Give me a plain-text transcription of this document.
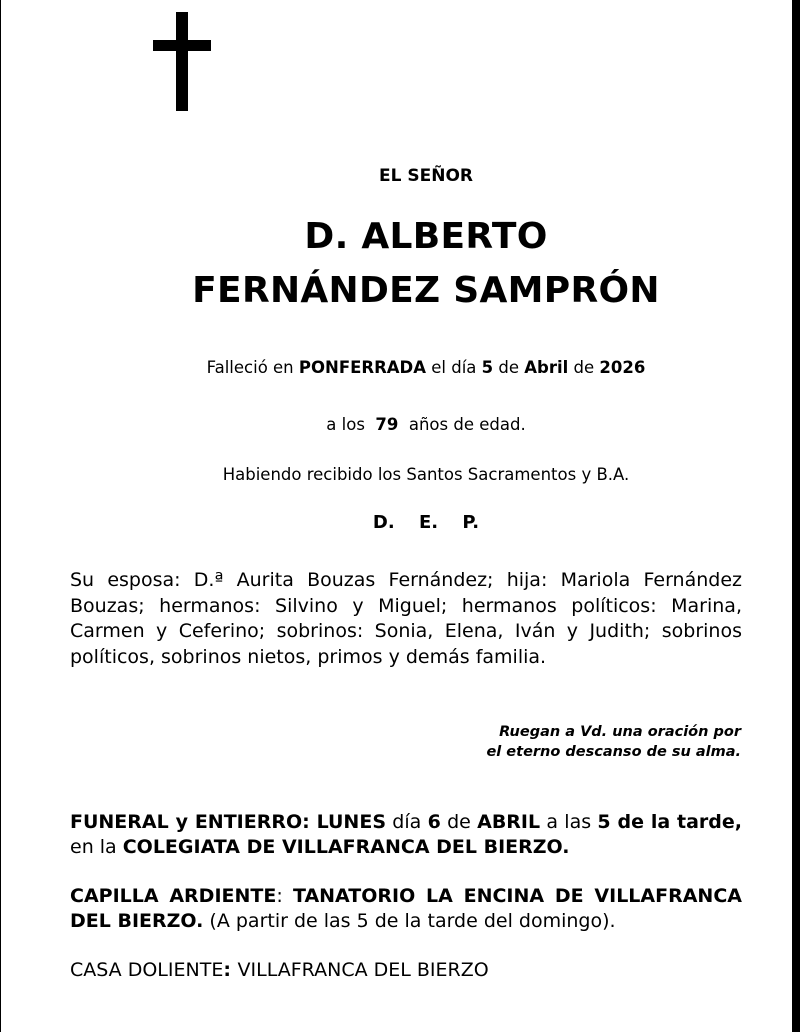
EL SEÑOR
D. ALBERTO
FERNÁNDEZ SAMPRÓN
Falleció en PONFERRADA el día 5 de Abril de 2026
a los  79  años de edad.
Habiendo recibido los Santos Sacramentos y B.A.
D. E. P.
Su esposa: D.ª Aurita Bouzas Fernández; hija: Mariola Fernández Bouzas; hermanos: Silvino y Miguel; hermanos políticos: Marina, Carmen y Ceferino; sobrinos: Sonia, Elena, Iván y Judith; sobrinos políticos, sobrinos nietos, primos y demás familia.
Ruegan a Vd. una oración por
el eterno descanso de su alma.
FUNERAL y ENTIERRO: LUNES día 6 de ABRIL a las 5 de la tarde, en la COLEGIATA DE VILLAFRANCA DEL BIERZO.
CAPILLA ARDIENTE: TANATORIO LA ENCINA DE VILLAFRANCA DEL BIERZO. (A partir de las 5 de la tarde del domingo).
CASA DOLIENTE: VILLAFRANCA DEL BIERZO
